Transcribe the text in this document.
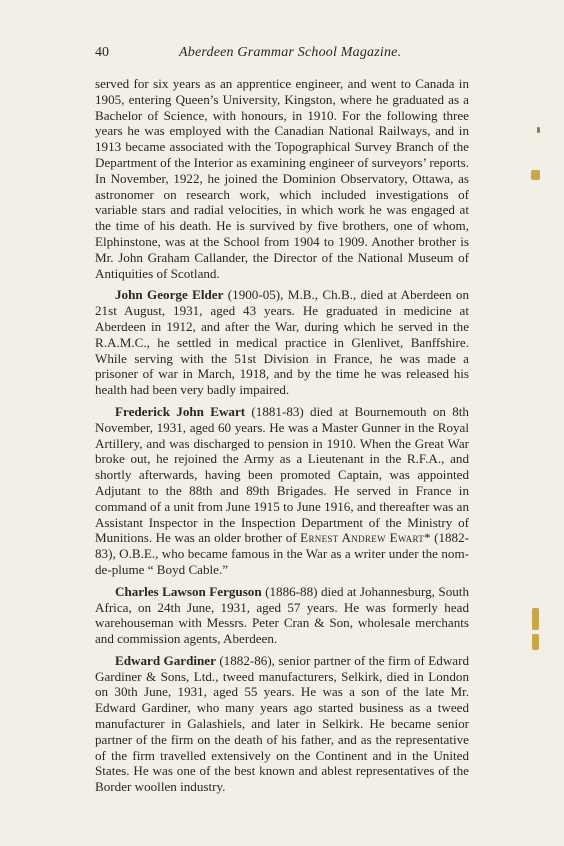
40	Aberdeen Grammar School Magazine.

served for six years as an apprentice engineer, and went to Canada in 1905, entering Queen’s University, Kingston, where he graduated as a Bachelor of Science, with honours, in 1910. For the following three years he was employed with the Canadian National Railways, and in 1913 became associated with the Topographical Survey Branch of the Department of the Interior as examining engineer of surveyors’ reports. In November, 1922, he joined the Dominion Observatory, Ottawa, as astronomer on research work, which included investigations of variable stars and radial velocities, in which work he was engaged at the time of his death. He is survived by five brothers, one of whom, Elphinstone, was at the School from 1904 to 1909. Another brother is Mr. John Graham Callander, the Director of the National Museum of Antiquities of Scotland.

John George Elder (1900-05), M.B., Ch.B., died at Aberdeen on 21st August, 1931, aged 43 years. He graduated in medicine at Aberdeen in 1912, and after the War, during which he served in the R.A.M.C., he settled in medical practice in Glenlivet, Banffshire. While serving with the 51st Division in France, he was made a prisoner of war in March, 1918, and by the time he was released his health had been very badly impaired.

Frederick John Ewart (1881-83) died at Bournemouth on 8th November, 1931, aged 60 years. He was a Master Gunner in the Royal Artillery, and was discharged to pension in 1910. When the Great War broke out, he rejoined the Army as a Lieutenant in the R.F.A., and shortly afterwards, having been promoted Captain, was appointed Adjutant to the 88th and 89th Brigades. He served in France in command of a unit from June 1915 to June 1916, and thereafter was an Assistant Inspector in the Inspection Department of the Ministry of Munitions. He was an older brother of Ernest Andrew Ewart* (1882-83), O.B.E., who became famous in the War as a writer under the nom-de-plume “ Boyd Cable.”

Charles Lawson Ferguson (1886-88) died at Johannesburg, South Africa, on 24th June, 1931, aged 57 years. He was formerly head warehouseman with Messrs. Peter Cran & Son, wholesale merchants and commission agents, Aberdeen.

Edward Gardiner (1882-86), senior partner of the firm of Edward Gardiner & Sons, Ltd., tweed manufacturers, Selkirk, died in London on 30th June, 1931, aged 55 years. He was a son of the late Mr. Edward Gardiner, who many years ago started business as a tweed manufacturer in Galashiels, and later in Selkirk. He became senior partner of the firm on the death of his father, and as the representative of the firm travelled extensively on the Continent and in the United States. He was one of the best known and ablest representatives of the Border woollen industry.
